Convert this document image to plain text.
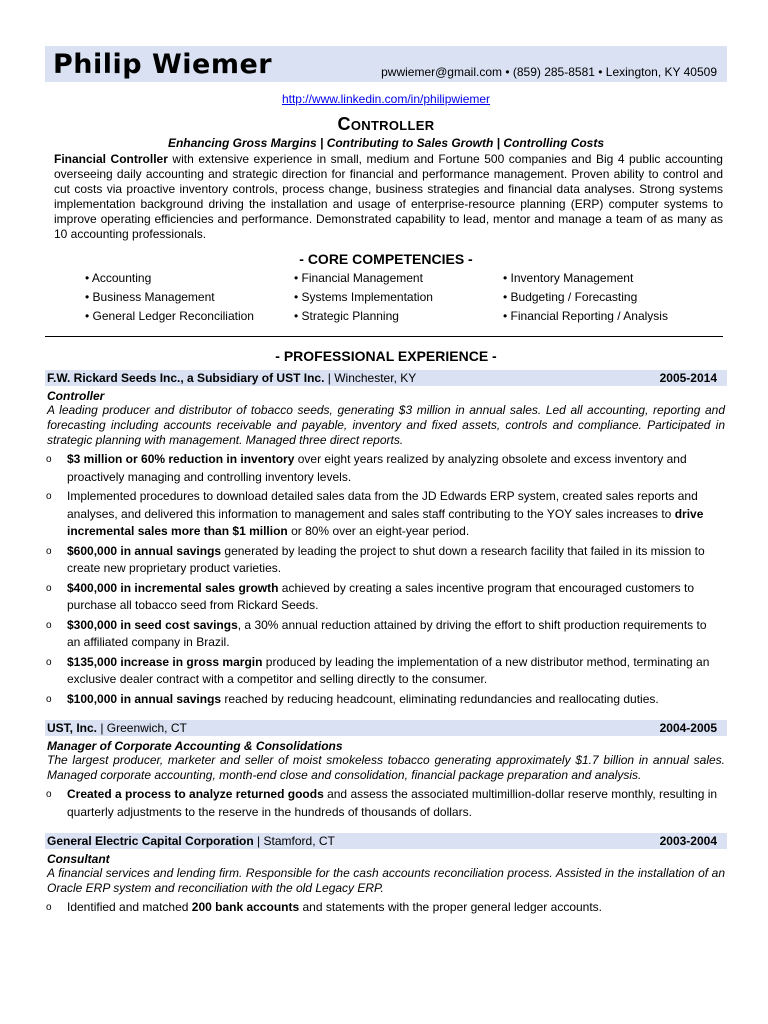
Philip Wiemer	pwwiemer@gmail.com • (859) 285-8581 • Lexington, KY 40509
http://www.linkedin.com/in/philipwiemer
Controller
Enhancing Gross Margins | Contributing to Sales Growth | Controlling Costs
Financial Controller with extensive experience in small, medium and Fortune 500 companies and Big 4 public accounting overseeing daily accounting and strategic direction for financial and performance management. Proven ability to control and cut costs via proactive inventory controls, process change, business strategies and financial data analyses. Strong systems implementation background driving the installation and usage of enterprise-resource planning (ERP) computer systems to improve operating efficiencies and performance. Demonstrated capability to lead, mentor and manage a team of as many as 10 accounting professionals.
- CORE COMPETENCIES -
• Accounting	• Financial Management	• Inventory Management
• Business Management	• Systems Implementation	• Budgeting / Forecasting
• General Ledger Reconciliation	• Strategic Planning	• Financial Reporting / Analysis
- PROFESSIONAL EXPERIENCE -
F.W. Rickard Seeds Inc., a Subsidiary of UST Inc. | Winchester, KY	2005-2014
Controller
A leading producer and distributor of tobacco seeds, generating $3 million in annual sales. Led all accounting, reporting and forecasting including accounts receivable and payable, inventory and fixed assets, controls and compliance. Participated in strategic planning with management. Managed three direct reports.
o $3 million or 60% reduction in inventory over eight years realized by analyzing obsolete and excess inventory and proactively managing and controlling inventory levels.
o Implemented procedures to download detailed sales data from the JD Edwards ERP system, created sales reports and analyses, and delivered this information to management and sales staff contributing to the YOY sales increases to drive incremental sales more than $1 million or 80% over an eight-year period.
o $600,000 in annual savings generated by leading the project to shut down a research facility that failed in its mission to create new proprietary product varieties.
o $400,000 in incremental sales growth achieved by creating a sales incentive program that encouraged customers to purchase all tobacco seed from Rickard Seeds.
o $300,000 in seed cost savings, a 30% annual reduction attained by driving the effort to shift production requirements to an affiliated company in Brazil.
o $135,000 increase in gross margin produced by leading the implementation of a new distributor method, terminating an exclusive dealer contract with a competitor and selling directly to the consumer.
o $100,000 in annual savings reached by reducing headcount, eliminating redundancies and reallocating duties.
UST, Inc. | Greenwich, CT	2004-2005
Manager of Corporate Accounting & Consolidations
The largest producer, marketer and seller of moist smokeless tobacco generating approximately $1.7 billion in annual sales. Managed corporate accounting, month-end close and consolidation, financial package preparation and analysis.
o Created a process to analyze returned goods and assess the associated multimillion-dollar reserve monthly, resulting in quarterly adjustments to the reserve in the hundreds of thousands of dollars.
General Electric Capital Corporation | Stamford, CT	2003-2004
Consultant
A financial services and lending firm. Responsible for the cash accounts reconciliation process. Assisted in the installation of an Oracle ERP system and reconciliation with the old Legacy ERP.
o Identified and matched 200 bank accounts and statements with the proper general ledger accounts.
